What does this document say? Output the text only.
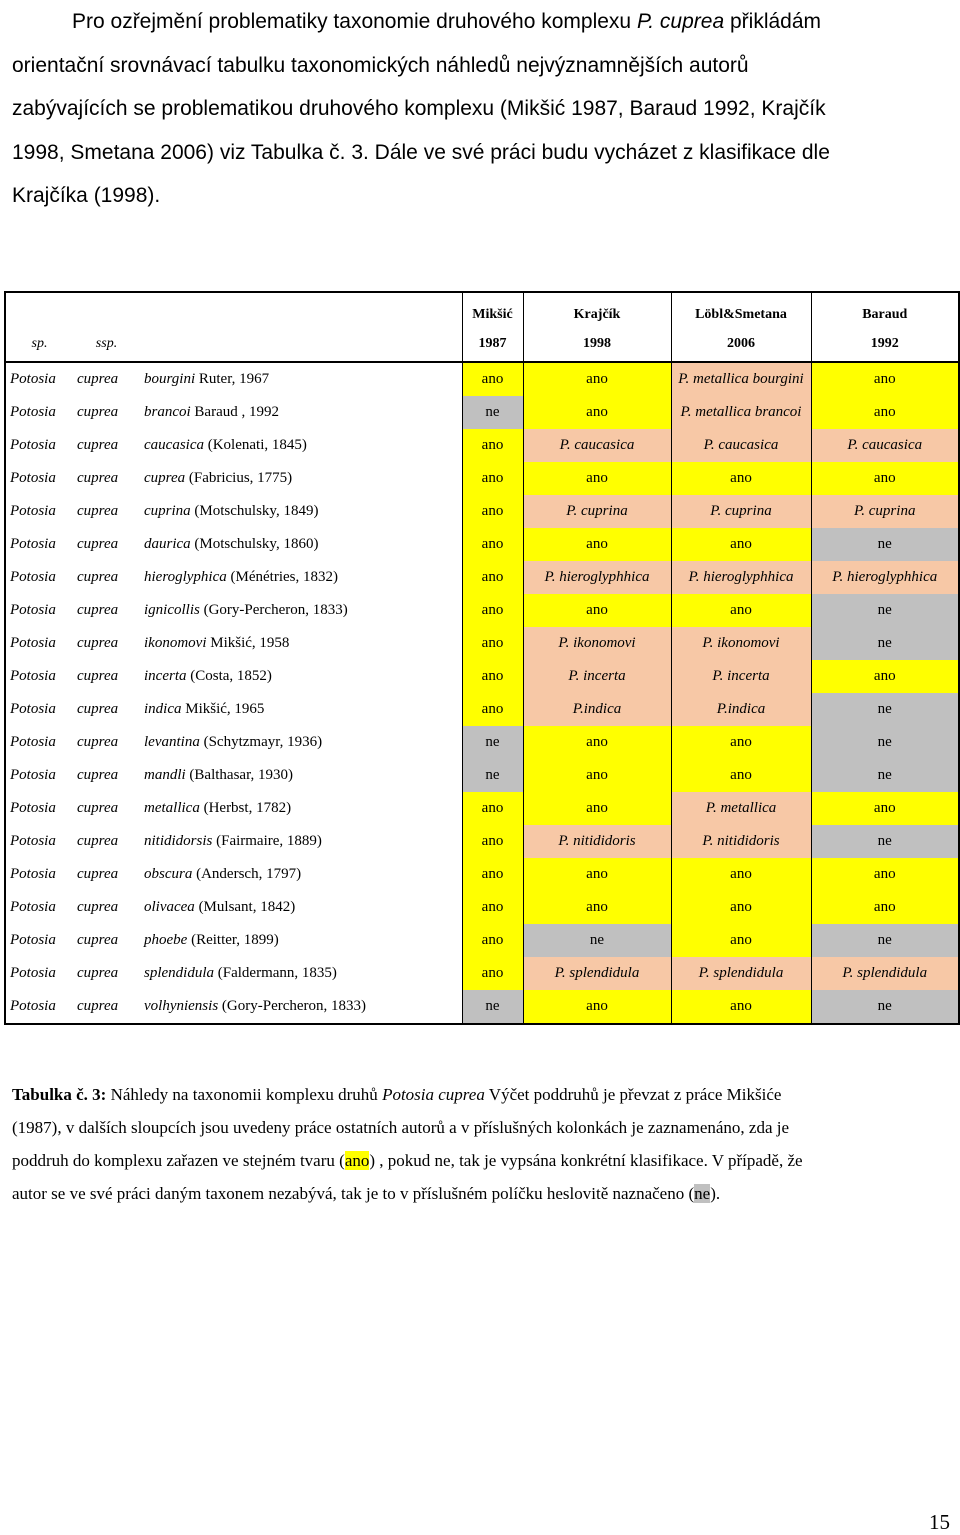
Pro ozřejmění problematiky taxonomie druhového komplexu P. cuprea přikládám
orientační srovnávací tabulku taxonomických náhledů nejvýznamnějších autorů
zabývajících se problematikou druhového komplexu (Mikšić 1987, Baraud 1992, Krajčík
1998, Smetana 2006) viz Tabulka č. 3. Dále ve své práci budu vycházet z klasifikace dle
Krajčíka (1998).
			Mikšić	Krajčík	Löbl&Smetana	Baraud
sp.	ssp.		1987	1998	2006	1992
Potosia	cuprea	bourgini Ruter, 1967	ano	ano	P. metallica bourgini	ano
Potosia	cuprea	brancoi Baraud , 1992	ne	ano	P. metallica brancoi	ano
Potosia	cuprea	caucasica (Kolenati, 1845)	ano	P. caucasica	P. caucasica	P. caucasica
Potosia	cuprea	cuprea (Fabricius, 1775)	ano	ano	ano	ano
Potosia	cuprea	cuprina (Motschulsky, 1849)	ano	P. cuprina	P. cuprina	P. cuprina
Potosia	cuprea	daurica (Motschulsky, 1860)	ano	ano	ano	ne
Potosia	cuprea	hieroglyphica (Ménétries, 1832)	ano	P. hieroglyphhica	P. hieroglyphhica	P. hieroglyphhica
Potosia	cuprea	ignicollis (Gory-Percheron, 1833)	ano	ano	ano	ne
Potosia	cuprea	ikonomovi Mikšić, 1958	ano	P. ikonomovi	P. ikonomovi	ne
Potosia	cuprea	incerta (Costa, 1852)	ano	P. incerta	P. incerta	ano
Potosia	cuprea	indica Mikšić, 1965	ano	P.indica	P.indica	ne
Potosia	cuprea	levantina (Schytzmayr, 1936)	ne	ano	ano	ne
Potosia	cuprea	mandli (Balthasar, 1930)	ne	ano	ano	ne
Potosia	cuprea	metallica (Herbst, 1782)	ano	ano	P. metallica	ano
Potosia	cuprea	nitididorsis (Fairmaire, 1889)	ano	P. nitididoris	P. nitididoris	ne
Potosia	cuprea	obscura (Andersch, 1797)	ano	ano	ano	ano
Potosia	cuprea	olivacea (Mulsant, 1842)	ano	ano	ano	ano
Potosia	cuprea	phoebe (Reitter, 1899)	ano	ne	ano	ne
Potosia	cuprea	splendidula (Faldermann, 1835)	ano	P. splendidula	P. splendidula	P. splendidula
Potosia	cuprea	volhyniensis (Gory-Percheron, 1833)	ne	ano	ano	ne
Tabulka č. 3: Náhledy na taxonomii komplexu druhů Potosia cuprea Výčet poddruhů je převzat z práce Mikšiće
(1987), v dalších sloupcích jsou uvedeny práce ostatních autorů a v příslušných kolonkách je zaznamenáno, zda je
poddruh do komplexu zařazen ve stejném tvaru (ano) , pokud ne, tak je vypsána konkrétní klasifikace. V případě, že
autor se ve své práci daným taxonem nezabývá, tak je to v příslušném políčku heslovitě naznačeno (ne).
15
